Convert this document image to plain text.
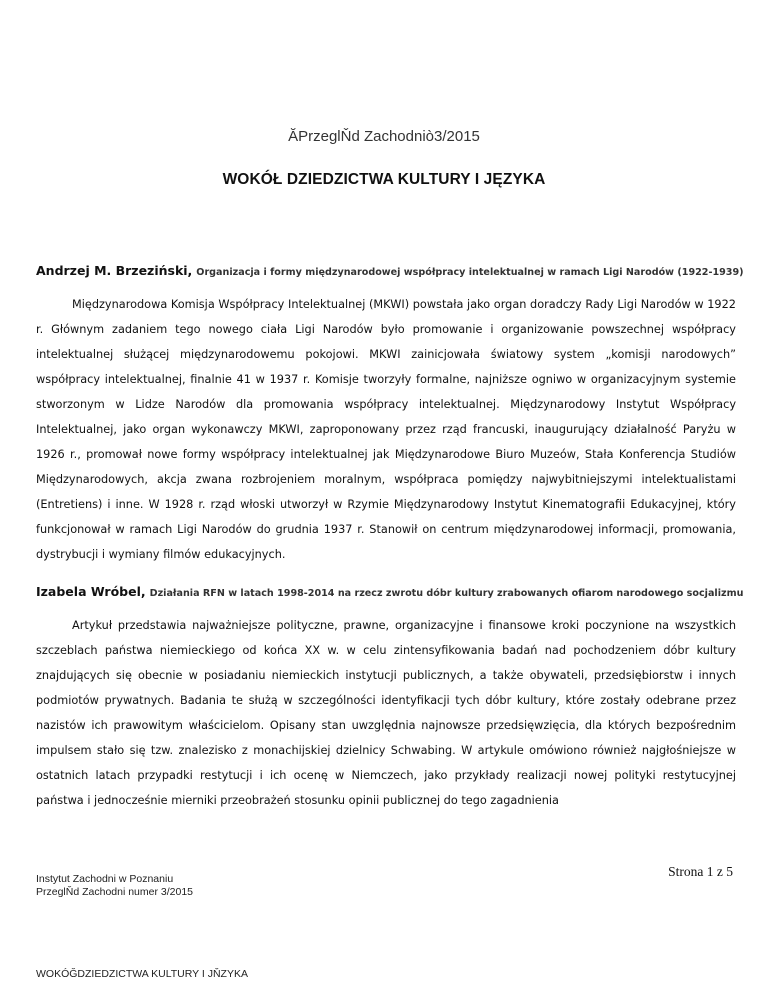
ĂPrzeglŇd Zachodniò3/2015
WOKÓŁ DZIEDZICTWA KULTURY I JĘZYKA
Andrzej M. Brzeziński, Organizacja i formy międzynarodowej współpracy intelektualnej w ramach Ligi Narodów (1922-1939)

Międzynarodowa Komisja Współpracy Intelektualnej (MKWI) powstała jako organ doradczy Rady Ligi Narodów w 1922 r. Głównym zadaniem tego nowego ciała Ligi Narodów było promowanie i organizowanie powszechnej współpracy intelektualnej służącej międzynarodowemu pokojowi. MKWI zainicjowała światowy system „komisji narodowych” współpracy intelektualnej, finalnie 41 w 1937 r. Komisje tworzyły formalne, najniższe ogniwo w organizacyjnym systemie stworzonym w Lidze Narodów dla promowania współpracy intelektualnej. Międzynarodowy Instytut Współpracy Intelektualnej, jako organ wykonawczy MKWI, zaproponowany przez rząd francuski, inaugurujący działalność Paryżu w 1926 r., promował nowe formy współpracy intelektualnej jak Międzynarodowe Biuro Muzeów, Stała Konferencja Studiów Międzynarodowych, akcja zwana rozbrojeniem moralnym, współpraca pomiędzy najwybitniejszymi intelektualistami (Entretiens) i inne. W 1928 r. rząd włoski utworzył w Rzymie Międzynarodowy Instytut Kinematografii Edukacyjnej, który funkcjonował w ramach Ligi Narodów do grudnia 1937 r. Stanowił on centrum międzynarodowej informacji, promowania, dystrybucji i wymiany filmów edukacyjnych.

Izabela Wróbel, Działania RFN w latach 1998-2014 na rzecz zwrotu dóbr kultury zrabowanych ofiarom narodowego socjalizmu

Artykuł przedstawia najważniejsze polityczne, prawne, organizacyjne i finansowe kroki poczynione na wszystkich szczeblach państwa niemieckiego od końca XX w. w celu zintensyfikowania badań nad pochodzeniem dóbr kultury znajdujących się obecnie w posiadaniu niemieckich instytucji publicznych, a także obywateli, przedsiębiorstw i innych podmiotów prywatnych. Badania te służą w szczególności identyfikacji tych dóbr kultury, które zostały odebrane przez nazistów ich prawowitym właścicielom. Opisany stan uwzględnia najnowsze przedsięwzięcia, dla których bezpośrednim impulsem stało się tzw. znalezisko z monachijskiej dzielnicy Schwabing. W artykule omówiono również najgłośniejsze w ostatnich latach przypadki restytucji i ich ocenę w Niemczech, jako przykłady realizacji nowej polityki restytucyjnej państwa i jednocześnie mierniki przeobrażeń stosunku opinii publicznej do tego zagadnienia

Instytut Zachodni w Poznaniu
PrzeglŇd Zachodni numer 3/2015
Strona 1 z 5
WOKÓĞDZIEDZICTWA KULTURY I JŇZYKA
